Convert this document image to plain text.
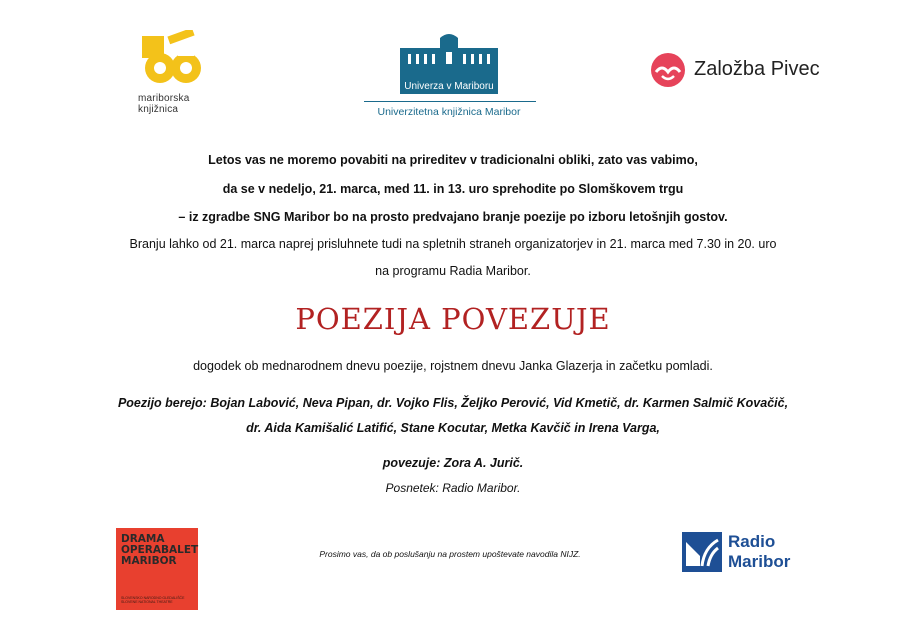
mariborska
knjižnica
Univerza v Mariboru
Univerzitetna knjižnica Maribor
Založba Pivec
Letos vas ne moremo povabiti na prireditev v tradicionalni obliki, zato vas vabimo,
da se v nedeljo, 21. marca, med 11. in 13. uro sprehodite po Slomškovem trgu
– iz zgradbe SNG Maribor bo na prosto predvajano branje poezije po izboru letošnjih gostov.
Branju lahko od 21. marca naprej prisluhnete tudi na spletnih straneh organizatorjev in 21. marca med 7.30 in 20. uro
na programu Radia Maribor.
POEZIJA POVEZUJE
dogodek ob mednarodnem dnevu poezije, rojstnem dnevu Janka Glazerja in začetku pomladi.
Poezijo berejo: Bojan Labović, Neva Pipan, dr. Vojko Flis, Željko Perović, Vid Kmetič, dr. Karmen Salmič Kovačič,
dr. Aida Kamišalić Latifić, Stane Kocutar, Metka Kavčič in Irena Varga,
povezuje: Zora A. Jurič.
Posnetek: Radio Maribor.
DRAMA
OPERABALET
MARIBOR
SLOVENSKO NARODNO GLEDALIŠČE SLOVENE NATIONAL THEATRE
Prosimo vas, da ob poslušanju na prostem upoštevate navodila NIJZ.
Radio
Maribor
